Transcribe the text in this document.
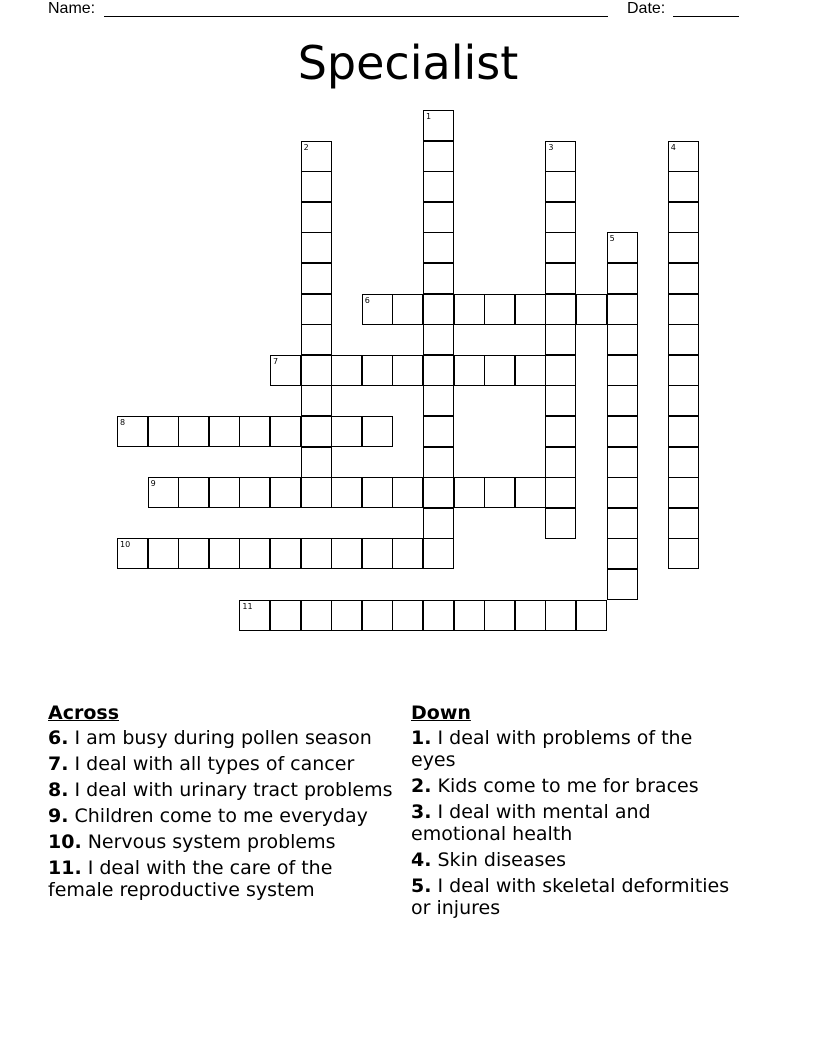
Name:	Date:
Specialist
1
2	3	4
5
6
7
8
9
10
11
Across
6. I am busy during pollen season
7. I deal with all types of cancer
8. I deal with urinary tract problems
9. Children come to me everyday
10. Nervous system problems
11. I deal with the care of the female reproductive system
Down
1. I deal with problems of the eyes
2. Kids come to me for braces
3. I deal with mental and emotional health
4. Skin diseases
5. I deal with skeletal deformities or injures
